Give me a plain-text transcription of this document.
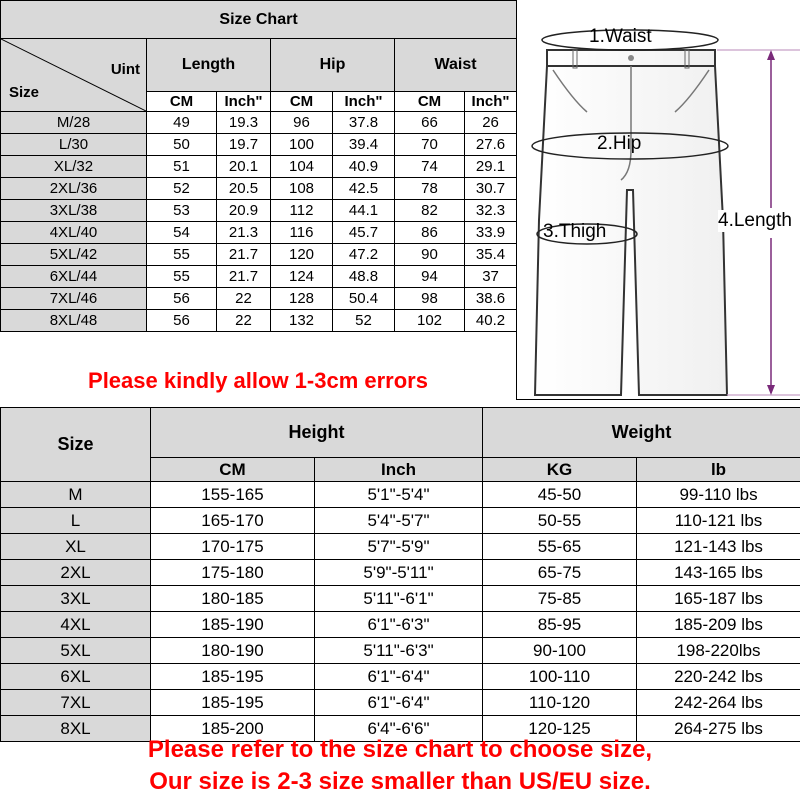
Size Chart						

Size
Uint	Length		Hip		Waist	
	CM	Inch"	CM	Inch"	CM	Inch"
M/28	49	19.3	96	37.8	66	26
L/30	50	19.7	100	39.4	70	27.6
XL/32	51	20.1	104	40.9	74	29.1
2XL/36	52	20.5	108	42.5	78	30.7
3XL/38	53	20.9	112	44.1	82	32.3
4XL/40	54	21.3	116	45.7	86	33.9
5XL/42	55	21.7	120	47.2	90	35.4
6XL/44	55	21.7	124	48.8	94	37
7XL/46	56	22	128	50.4	98	38.6
8XL/48	56	22	132	52	102	40.2
Please kindly allow 1-3cm errors
1.Waist
2.Hip
3.Thigh
4.Length
Size	Height		Weight	
	CM	Inch	KG	lb
M	155-165	5'1"-5'4"	45-50	99-110 lbs
L	165-170	5'4"-5'7"	50-55	110-121 lbs
XL	170-175	5'7"-5'9"	55-65	121-143 lbs
2XL	175-180	5'9"-5'11"	65-75	143-165 lbs
3XL	180-185	5'11"-6'1"	75-85	165-187 lbs
4XL	185-190	6'1"-6'3"	85-95	185-209 lbs
5XL	180-190	5'11"-6'3"	90-100	198-220lbs
6XL	185-195	6'1"-6'4"	100-110	220-242 lbs
7XL	185-195	6'1"-6'4"	110-120	242-264 lbs
8XL	185-200	6'4"-6'6"	120-125	264-275 lbs
Please refer to the size chart to choose size,
Our size is 2-3 size smaller than US/EU size.
